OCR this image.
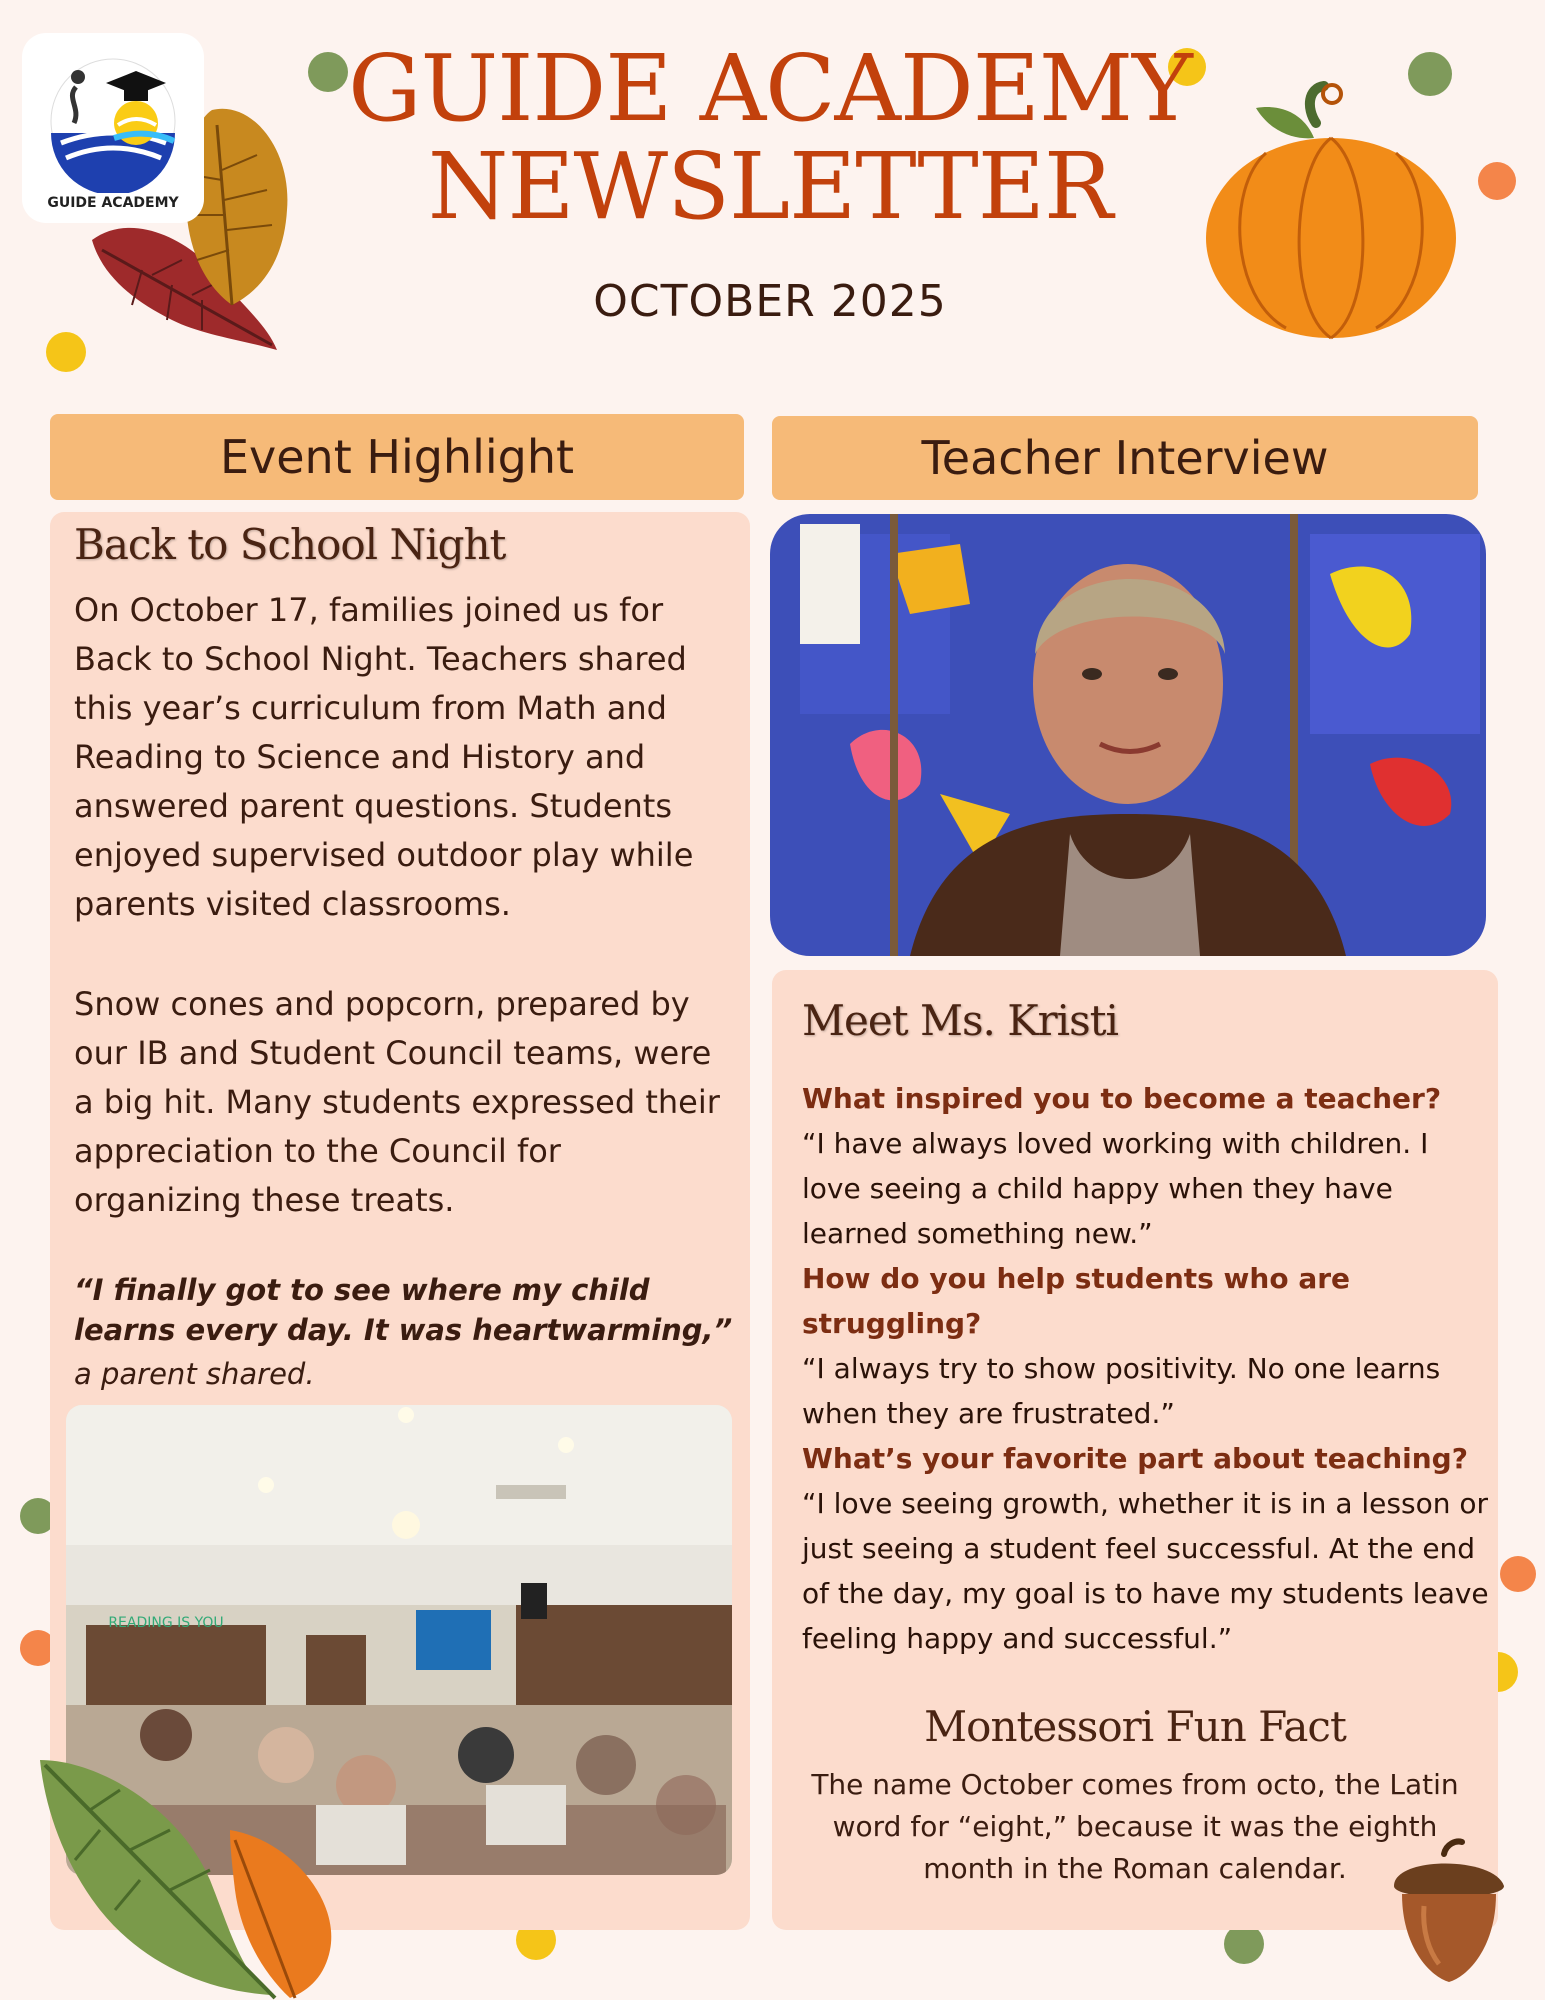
GUIDE ACADEMY
GUIDE ACADEMY
NEWSLETTER
OCTOBER 2025
Event Highlight
Back to School Night
On October 17, families joined us for Back to School Night. Teachers shared this year’s curriculum from Math and Reading to Science and History and answered parent questions. Students enjoyed supervised outdoor play while parents visited classrooms.
Snow cones and popcorn, prepared by our IB and Student Council teams, were a big hit. Many students expressed their appreciation to the Council for organizing these treats.
“I finally got to see where my child learns every day. It was heartwarming,”
a parent shared.
READING IS YOU
Teacher Interview
Meet Ms. Kristi
What inspired you to become a teacher?
“I have always loved working with children. I love seeing a child happy when they have learned something new.”
How do you help students who are struggling?
“I always try to show positivity. No one learns when they are frustrated.”
What’s your favorite part about teaching?
“I love seeing growth, whether it is in a lesson or just seeing a student feel successful. At the end of the day, my goal is to have my students leave feeling happy and successful.”
Montessori Fun Fact
The name October comes from octo, the Latin word for “eight,” because it was the eighth month in the Roman calendar.
